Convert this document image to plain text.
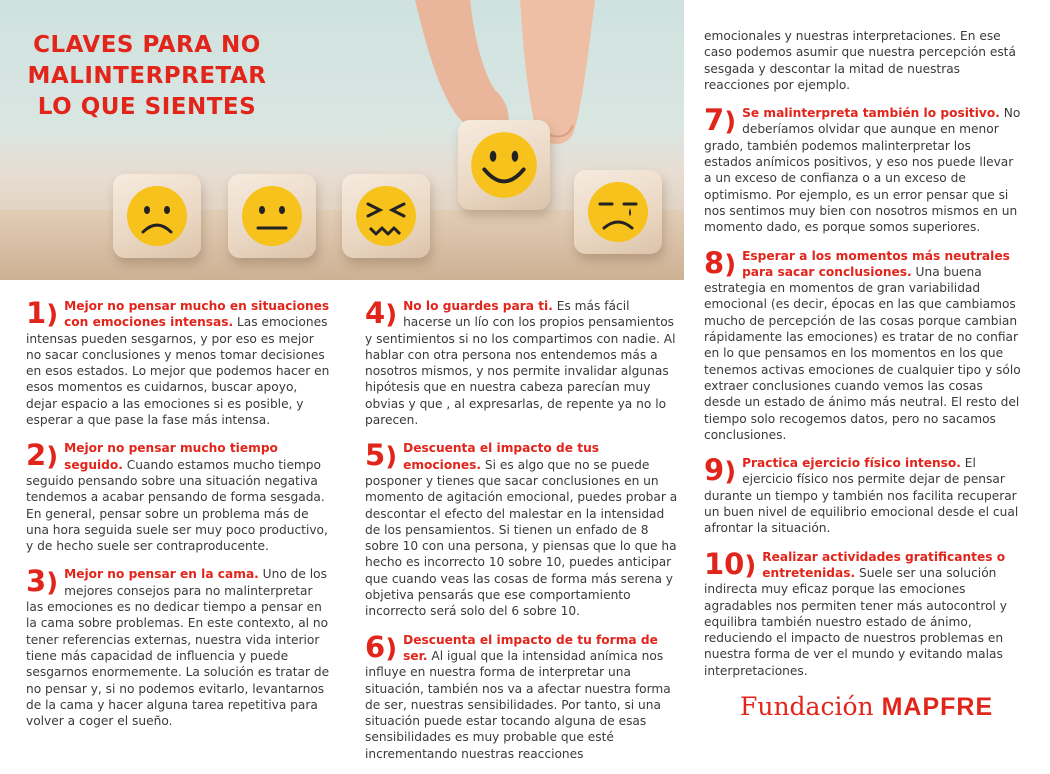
CLAVES PARA NO
MALINTERPRETAR
LO QUE SIENTES
1) Mejor no pensar mucho en situaciones con emociones intensas. Las emociones intensas pueden sesgarnos, y por eso es mejor no sacar conclusiones y menos tomar decisiones en esos estados. Lo mejor que podemos hacer en esos momentos es cuidarnos, buscar apoyo, dejar espacio a las emociones si es posible, y esperar a que pase la fase más intensa.

2) Mejor no pensar mucho tiempo seguido. Cuando estamos mucho tiempo seguido pensando sobre una situación negativa tendemos a acabar pensando de forma sesgada. En general, pensar sobre un problema más de una hora seguida suele ser muy poco productivo, y de hecho suele ser contraproducente.

3) Mejor no pensar en la cama. Uno de los mejores consejos para no malinterpretar las emociones es no dedicar tiempo a pensar en la cama sobre problemas. En este contexto, al no tener referencias externas, nuestra vida interior tiene más capacidad de influencia y puede sesgarnos enormemente. La solución es tratar de no pensar y, si no podemos evitarlo, levantarnos de la cama y hacer alguna tarea repetitiva para volver a coger el sueño.

4) No lo guardes para ti. Es más fácil hacerse un lío con los propios pensamientos y sentimientos si no los compartimos con nadie. Al hablar con otra persona nos entendemos más a nosotros mismos, y nos permite invalidar algunas hipótesis que en nuestra cabeza parecían muy obvias y que , al expresarlas, de repente ya no lo parecen.

5) Descuenta el impacto de tus emociones. Si es algo que no se puede posponer y tienes que sacar conclusiones en un momento de agitación emocional, puedes probar a descontar el efecto del malestar en la intensidad de los pensamientos. Si tienen un enfado de 8 sobre 10 con una persona, y piensas que lo que ha hecho es incorrecto 10 sobre 10, puedes anticipar que cuando veas las cosas de forma más serena y objetiva pensarás que ese comportamiento incorrecto será solo del 6 sobre 10.

6) Descuenta el impacto de tu forma de ser. Al igual que la intensidad anímica nos influye en nuestra forma de interpretar una situación, también nos va a afectar nuestra forma de ser, nuestras sensibilidades. Por tanto, si una situación puede estar tocando alguna de esas sensibilidades es muy probable que esté incrementando nuestras reacciones

emocionales y nuestras interpretaciones. En ese caso podemos asumir que nuestra percepción está sesgada y descontar la mitad de nuestras reacciones por ejemplo.

7) Se malinterpreta también lo positivo. No deberíamos olvidar que aunque en menor grado, también podemos malinterpretar los estados anímicos positivos, y eso nos puede llevar a un exceso de confianza o a un exceso de optimismo. Por ejemplo, es un error pensar que si nos sentimos muy bien con nosotros mismos en un momento dado, es porque somos superiores.

8) Esperar a los momentos más neutrales para sacar conclusiones. Una buena estrategia en momentos de gran variabilidad emocional (es decir, épocas en las que cambiamos mucho de percepción de las cosas porque cambian rápidamente las emociones) es tratar de no confiar en lo que pensamos en los momentos en los que tenemos activas emociones de cualquier tipo y sólo extraer conclusiones cuando vemos las cosas desde un estado de ánimo más neutral. El resto del tiempo solo recogemos datos, pero no sacamos conclusiones.

9) Practica ejercicio físico intenso. El ejercicio físico nos permite dejar de pensar durante un tiempo y también nos facilita recuperar un buen nivel de equilibrio emocional desde el cual afrontar la situación.

10) Realizar actividades gratificantes o entretenidas. Suele ser una solución indirecta muy eficaz porque las emociones agradables nos permiten tener más autocontrol y equilibra también nuestro estado de ánimo, reduciendo el impacto de nuestros problemas en nuestra forma de ver el mundo y evitando malas interpretaciones.

Fundación MAPFRE
